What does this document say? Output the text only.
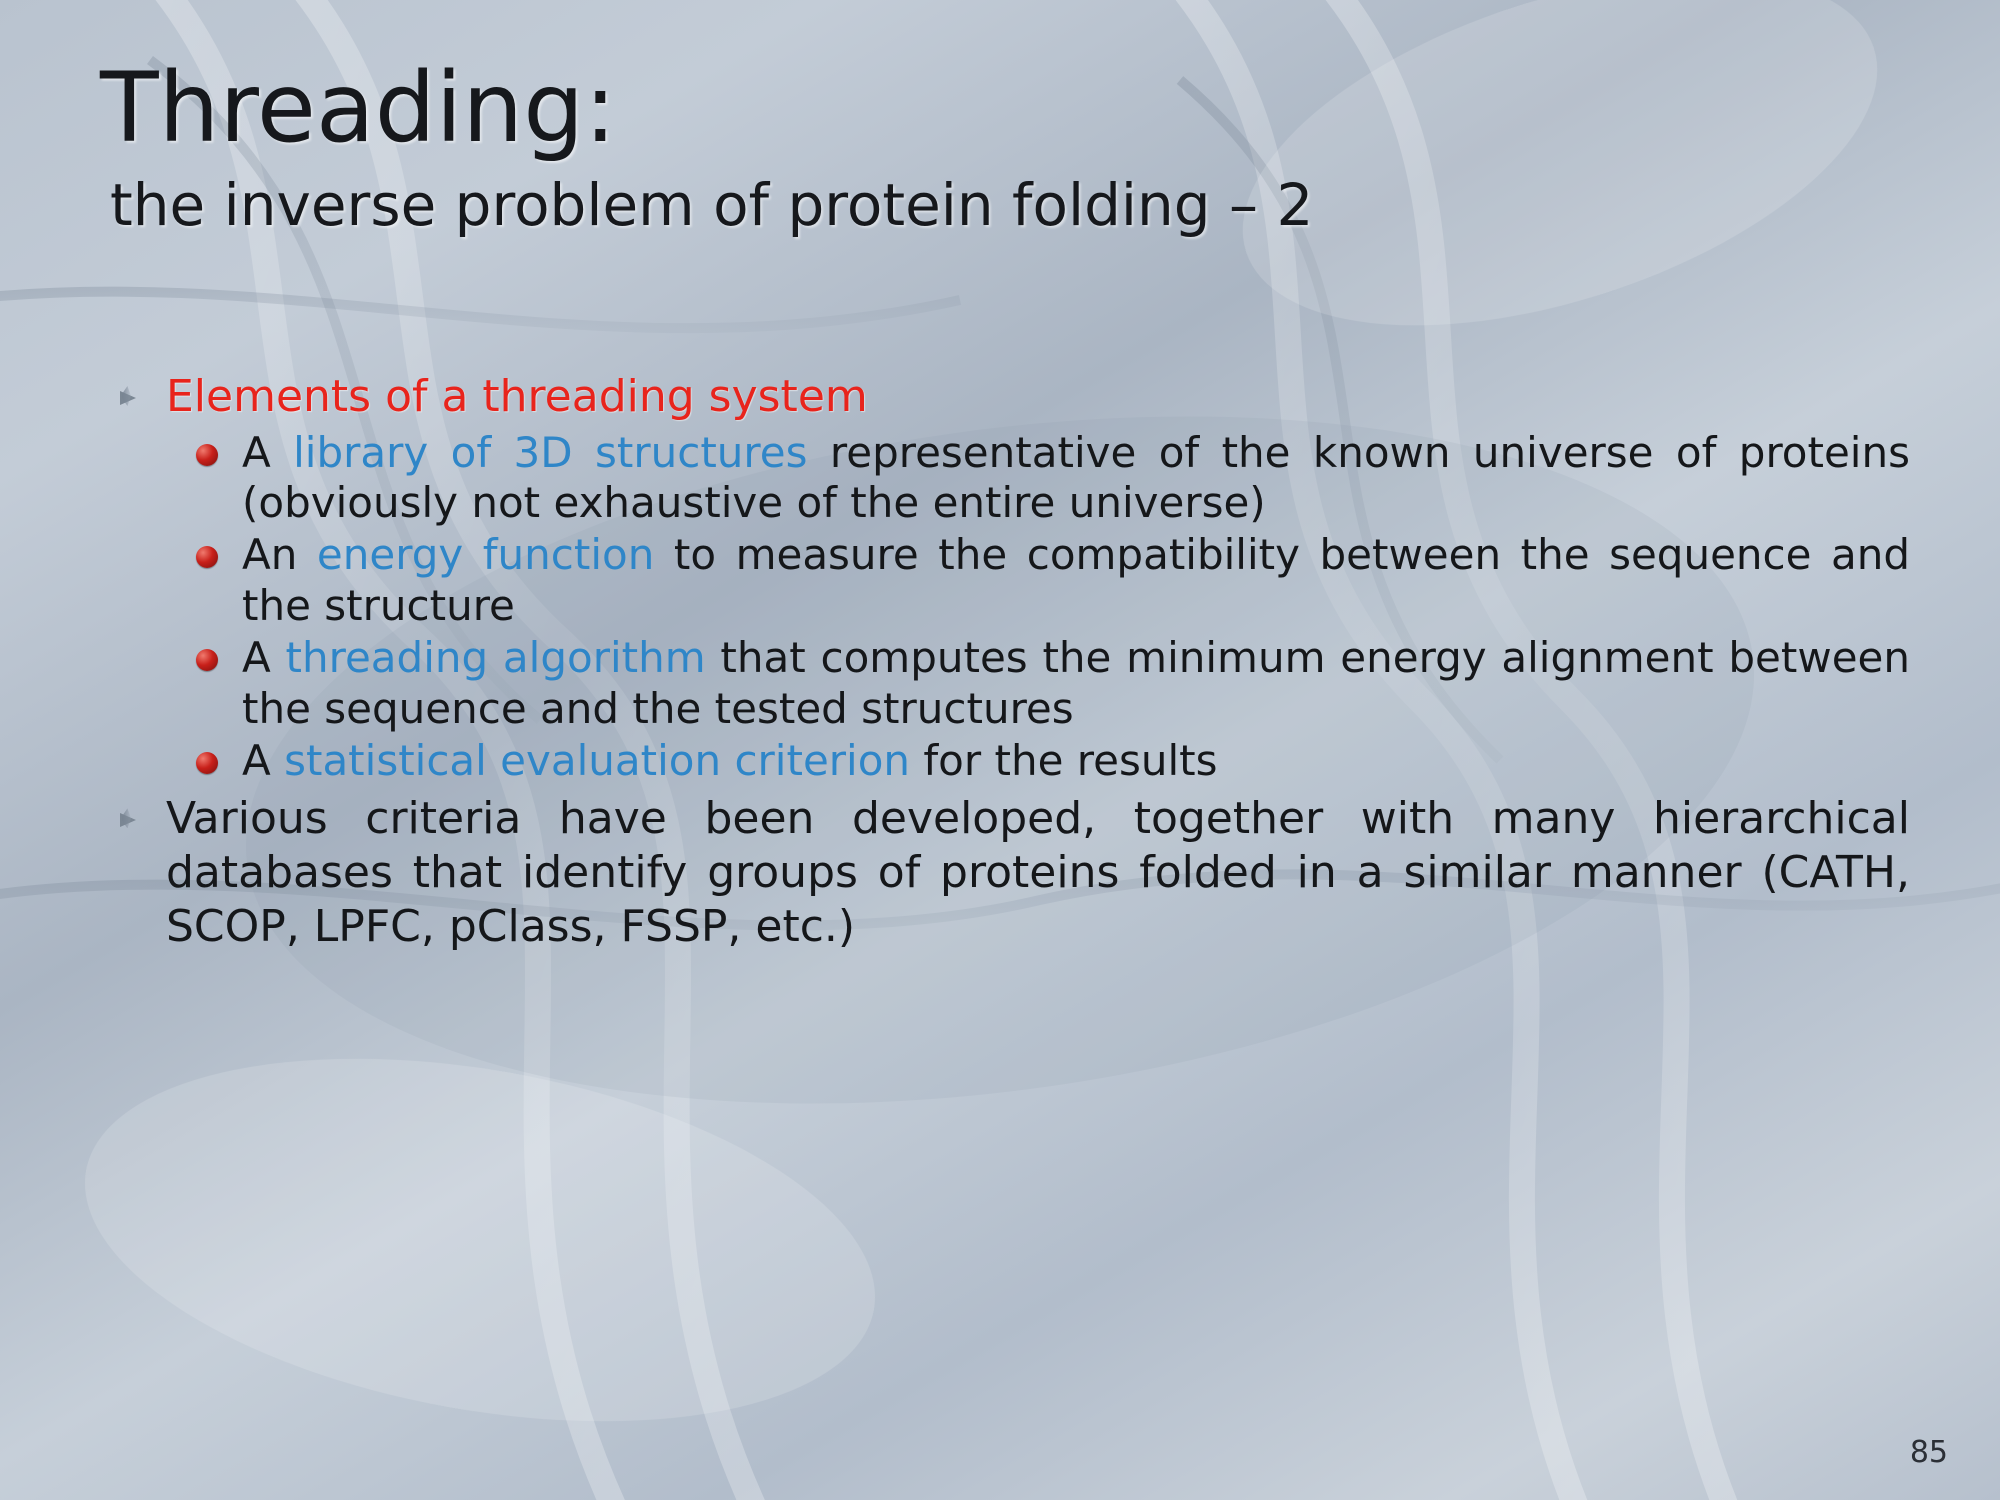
Threading:
the inverse problem of protein folding – 2
Elements of a threading system
A library of 3D structures representative of the known universe of proteins (obviously not exhaustive of the entire universe)
An energy function to measure the compatibility between the sequence and the structure
A threading algorithm that computes the minimum energy alignment between the sequence and the tested structures
A statistical evaluation criterion for the results
Various criteria have been developed, together with many hierarchical databases that identify groups of proteins folded in a similar manner (CATH, SCOP, LPFC, pClass, FSSP, etc.)
85
